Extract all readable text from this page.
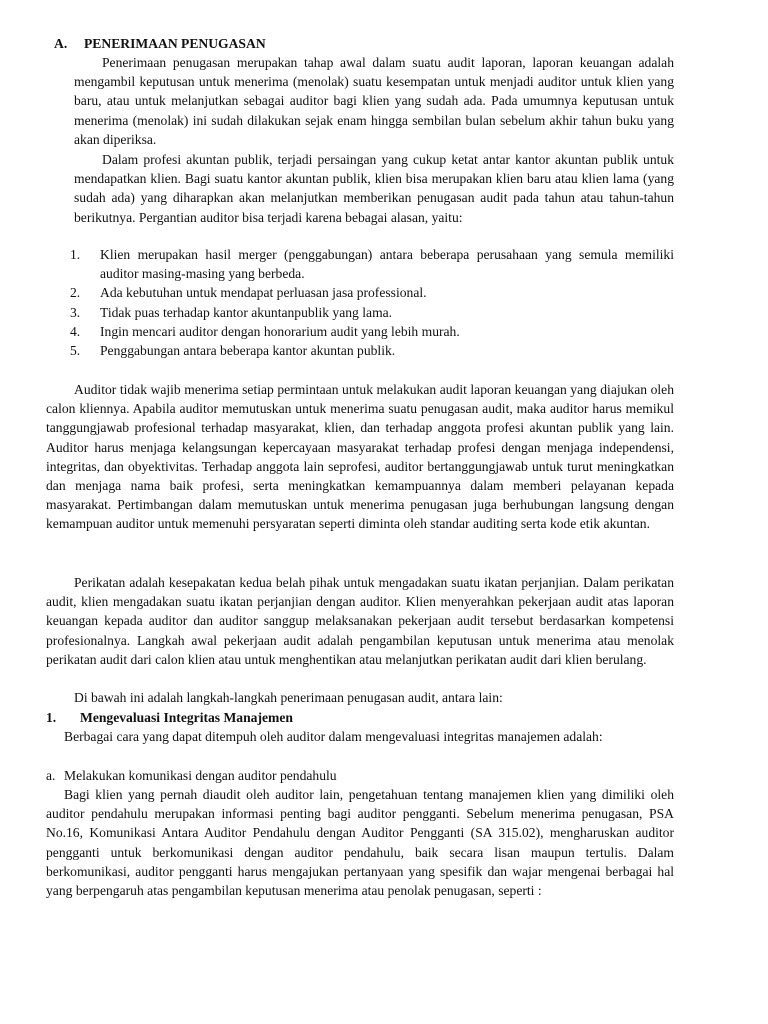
A. PENERIMAAN PENUGASAN
Penerimaan penugasan merupakan tahap awal dalam suatu audit laporan, laporan keuangan adalah mengambil keputusan untuk menerima (menolak) suatu kesempatan untuk menjadi auditor untuk klien yang baru, atau untuk melanjutkan sebagai auditor bagi klien yang sudah ada. Pada umumnya keputusan untuk menerima (menolak) ini sudah dilakukan sejak enam hingga sembilan bulan sebelum akhir tahun buku yang akan diperiksa.
Dalam profesi akuntan publik, terjadi persaingan yang cukup ketat antar kantor akuntan publik untuk mendapatkan klien. Bagi suatu kantor akuntan publik, klien bisa merupakan klien baru atau klien lama (yang sudah ada) yang diharapkan akan melanjutkan memberikan penugasan audit pada tahun atau tahun-tahun berikutnya. Pergantian auditor bisa terjadi karena bebagai alasan, yaitu:
1. Klien merupakan hasil merger (penggabungan) antara beberapa perusahaan yang semula memiliki auditor masing-masing yang berbeda.
2. Ada kebutuhan untuk mendapat perluasan jasa professional.
3. Tidak puas terhadap kantor akuntanpublik yang lama.
4. Ingin mencari auditor dengan honorarium audit yang lebih murah.
5. Penggabungan antara beberapa kantor akuntan publik.
Auditor tidak wajib menerima setiap permintaan untuk melakukan audit laporan keuangan yang diajukan oleh calon kliennya. Apabila auditor memutuskan untuk menerima suatu penugasan audit, maka auditor harus memikul tanggungjawab profesional terhadap masyarakat, klien, dan terhadap anggota profesi akuntan publik yang lain. Auditor harus menjaga kelangsungan kepercayaan masyarakat terhadap profesi dengan menjaga independensi, integritas, dan obyektivitas. Terhadap anggota lain seprofesi, auditor bertanggungjawab untuk turut meningkatkan dan menjaga nama baik profesi, serta meningkatkan kemampuannya dalam memberi pelayanan kepada masyarakat. Pertimbangan dalam memutuskan untuk menerima penugasan juga berhubungan langsung dengan kemampuan auditor untuk memenuhi persyaratan seperti diminta oleh standar auditing serta kode etik akuntan.
Perikatan adalah kesepakatan kedua belah pihak untuk mengadakan suatu ikatan perjanjian. Dalam perikatan audit, klien mengadakan suatu ikatan perjanjian dengan auditor. Klien menyerahkan pekerjaan audit atas laporan keuangan kepada auditor dan auditor sanggup melaksanakan pekerjaan audit tersebut berdasarkan kompetensi profesionalnya. Langkah awal pekerjaan audit adalah pengambilan keputusan untuk menerima atau menolak perikatan audit dari calon klien atau untuk menghentikan atau melanjutkan perikatan audit dari klien berulang.
Di bawah ini adalah langkah-langkah penerimaan penugasan audit, antara lain:
1. Mengevaluasi Integritas Manajemen
Berbagai cara yang dapat ditempuh oleh auditor dalam mengevaluasi integritas manajemen adalah:
a. Melakukan komunikasi dengan auditor pendahulu
Bagi klien yang pernah diaudit oleh auditor lain, pengetahuan tentang manajemen klien yang dimiliki oleh auditor pendahulu merupakan informasi penting bagi auditor pengganti. Sebelum menerima penugasan, PSA No.16, Komunikasi Antara Auditor Pendahulu dengan Auditor Pengganti (SA 315.02), mengharuskan auditor pengganti untuk berkomunikasi dengan auditor pendahulu, baik secara lisan maupun tertulis. Dalam berkomunikasi, auditor pengganti harus mengajukan pertanyaan yang spesifik dan wajar mengenai berbagai hal yang berpengaruh atas pengambilan keputusan menerima atau penolak penugasan, seperti :
